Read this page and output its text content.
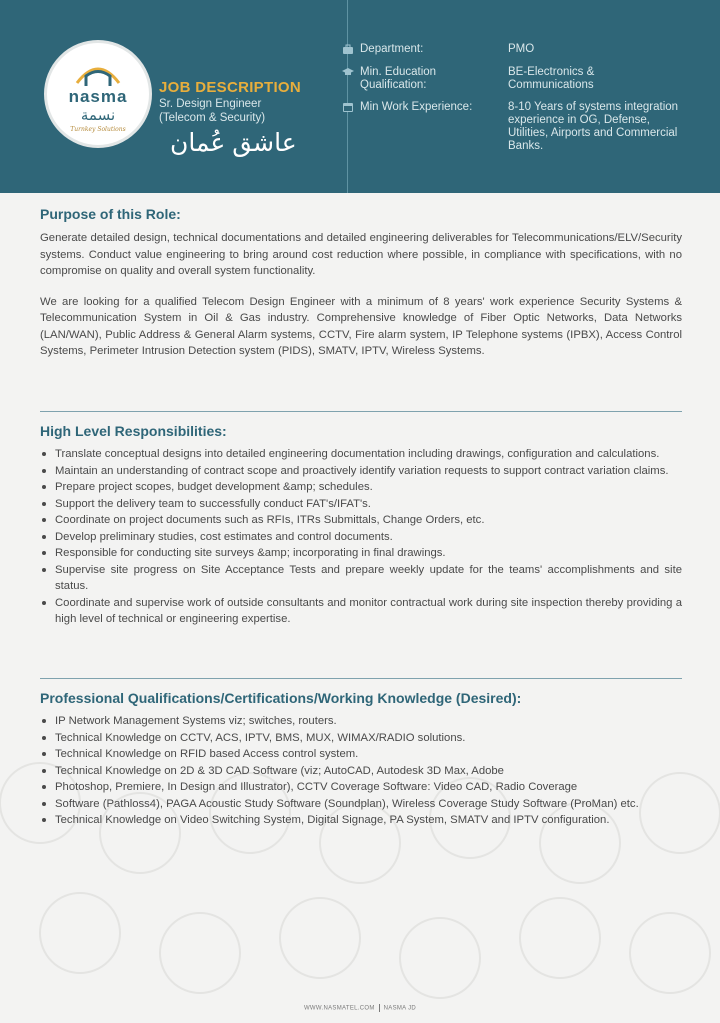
nasma
نسمة
Turnkey Solutions
JOB DESCRIPTION
Sr. Design Engineer
(Telecom & Security)
عاشق عُمان
Department:	PMO
Min. Education Qualification:
BE-Electronics & Communications
Min Work Experience:	8-10 Years of systems integration experience in OG, Defense, Utilities, Airports and Commercial Banks.
Purpose of this Role:

Generate detailed design, technical documentations and detailed engineering deliverables for Telecommunications/ELV/Security systems. Conduct value engineering to bring around cost reduction where possible, in compliance with specifications, with no compromise on quality and overall system functionality.

We are looking for a qualified Telecom Design Engineer with a minimum of 8 years' work experience Security Systems & Telecommunication System in Oil & Gas industry. Comprehensive knowledge of Fiber Optic Networks, Data Networks (LAN/WAN), Public Address & General Alarm systems, CCTV, Fire alarm system, IP Telephone systems (IPBX), Access Control Systems, Perimeter Intrusion Detection system (PIDS), SMATV, IPTV, Wireless Systems.

High Level Responsibilities:
Translate conceptual designs into detailed engineering documentation including drawings, configuration and calculations.
Maintain an understanding of contract scope and proactively identify variation requests to support contract variation claims.
Prepare project scopes, budget development &amp; schedules.
Support the delivery team to successfully conduct FAT's/IFAT's.
Coordinate on project documents such as RFIs, ITRs Submittals, Change Orders, etc.
Develop preliminary studies, cost estimates and control documents.
Responsible for conducting site surveys &amp; incorporating in final drawings.
Supervise site progress on Site Acceptance Tests and prepare weekly update for the teams' accomplishments and site status.
Coordinate and supervise work of outside consultants and monitor contractual work during site inspection thereby providing a high level of technical or engineering expertise.
Professional Qualifications/Certifications/Working Knowledge (Desired):
IP Network Management Systems viz; switches, routers.
Technical Knowledge on CCTV, ACS, IPTV, BMS, MUX, WIMAX/RADIO solutions.
Technical Knowledge on RFID based Access control system.
Technical Knowledge on 2D & 3D CAD Software (viz; AutoCAD, Autodesk 3D Max, Adobe
Photoshop, Premiere, In Design and Illustrator), CCTV Coverage Software: Video CAD, Radio Coverage
Software (Pathloss4), PAGA Acoustic Study Software (Soundplan), Wireless Coverage Study Software (ProMan) etc.
Technical Knowledge on Video Switching System, Digital Signage, PA System, SMATV and IPTV configuration.
WWW.NASMATEL.COM NASMA JD
